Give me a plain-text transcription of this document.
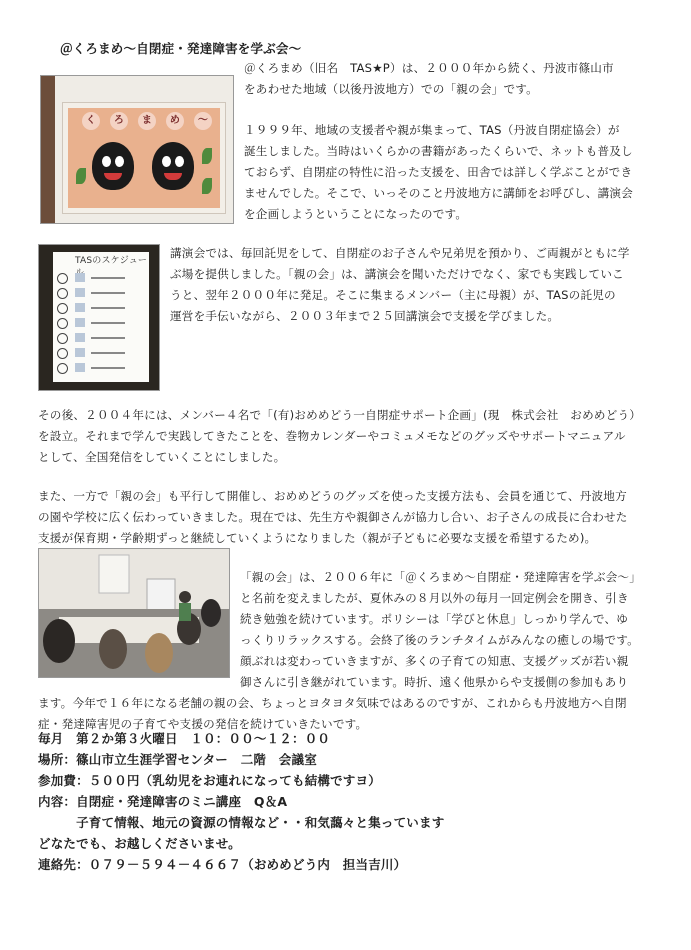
＠くろまめ～自閉症・発達障害を学ぶ会～
く	ろ	ま	め	～
＠くろまめ（旧名　TAS★P）は、２０００年から続く、丹波市篠山市
をあわせた地域（以後丹波地方）での「親の会」です。
１９９９年、地域の支援者や親が集まって、TAS（丹波自閉症協会）が
誕生しました。当時はいくらかの書籍があったくらいで、ネットも普及し
ておらず、自閉症の特性に沿った支援を、田舎では詳しく学ぶことができ
ませんでした。そこで、いっそのこと丹波地方に講師をお呼びし、講演会
を企画しようということになったのです。
TASのスケジュー
講演会では、毎回託児をして、自閉症のお子さんや兄弟児を預かり、ご両親がともに学
ぶ場を提供しました。「親の会」は、講演会を聞いただけでなく、家でも実践していこ
うと、翌年２０００年に発足。そこに集まるメンバー（主に母親）が、TASの託児の
運営を手伝いながら、２００３年まで２５回講演会で支援を学びました。
その後、２００４年には、メンバー４名で「(有)おめめどう一自閉症サポート企画」(現　株式会社　おめめどう）
を設立。それまで学んで実践してきたことを、巻物カレンダーやコミュメモなどのグッズやサポートマニュアル
として、全国発信をしていくことにしました。
また、一方で「親の会」も平行して開催し、おめめどうのグッズを使った支援方法も、会員を通じて、丹波地方
の園や学校に広く伝わっていきました。現在では、先生方や親御さんが協力し合い、お子さんの成長に合わせた
支援が保育期・学齢期ずっと継続していくようになりました（親が子どもに必要な支援を希望するため)。
「親の会」は、２００６年に「＠くろまめ～自閉症・発達障害を学ぶ会～」
と名前を変えましたが、夏休みの８月以外の毎月一回定例会を開き、引き
続き勉強を続けています。ポリシーは「学びと休息」しっかり学んで、ゆ
っくりリラックスする。会終了後のランチタイムがみんなの癒しの場です。
顔ぶれは変わっていきますが、多くの子育ての知恵、支援グッズが若い親
御さんに引き継がれています。時折、遠く他県からや支援側の参加もあり
ます。今年で１６年になる老舗の親の会、ちょっとヨタヨタ気味ではあるのですが、これからも丹波地方へ自閉
症・発達障害児の子育てや支援の発信を続けていきたいです。
毎月　第２か第３火曜日　１０：００～１２：００
場所：篠山市立生涯学習センター　二階　会議室
参加費：５００円（乳幼児をお連れになっても結構ですヨ）
内容：自閉症・発達障害のミニ講座　Q＆A
　　　子育て情報、地元の資源の情報など・・和気藹々と集っています
どなたでも、お越しくださいませ。
連絡先：０７９－５９４－４６６７（おめめどう内　担当吉川）
